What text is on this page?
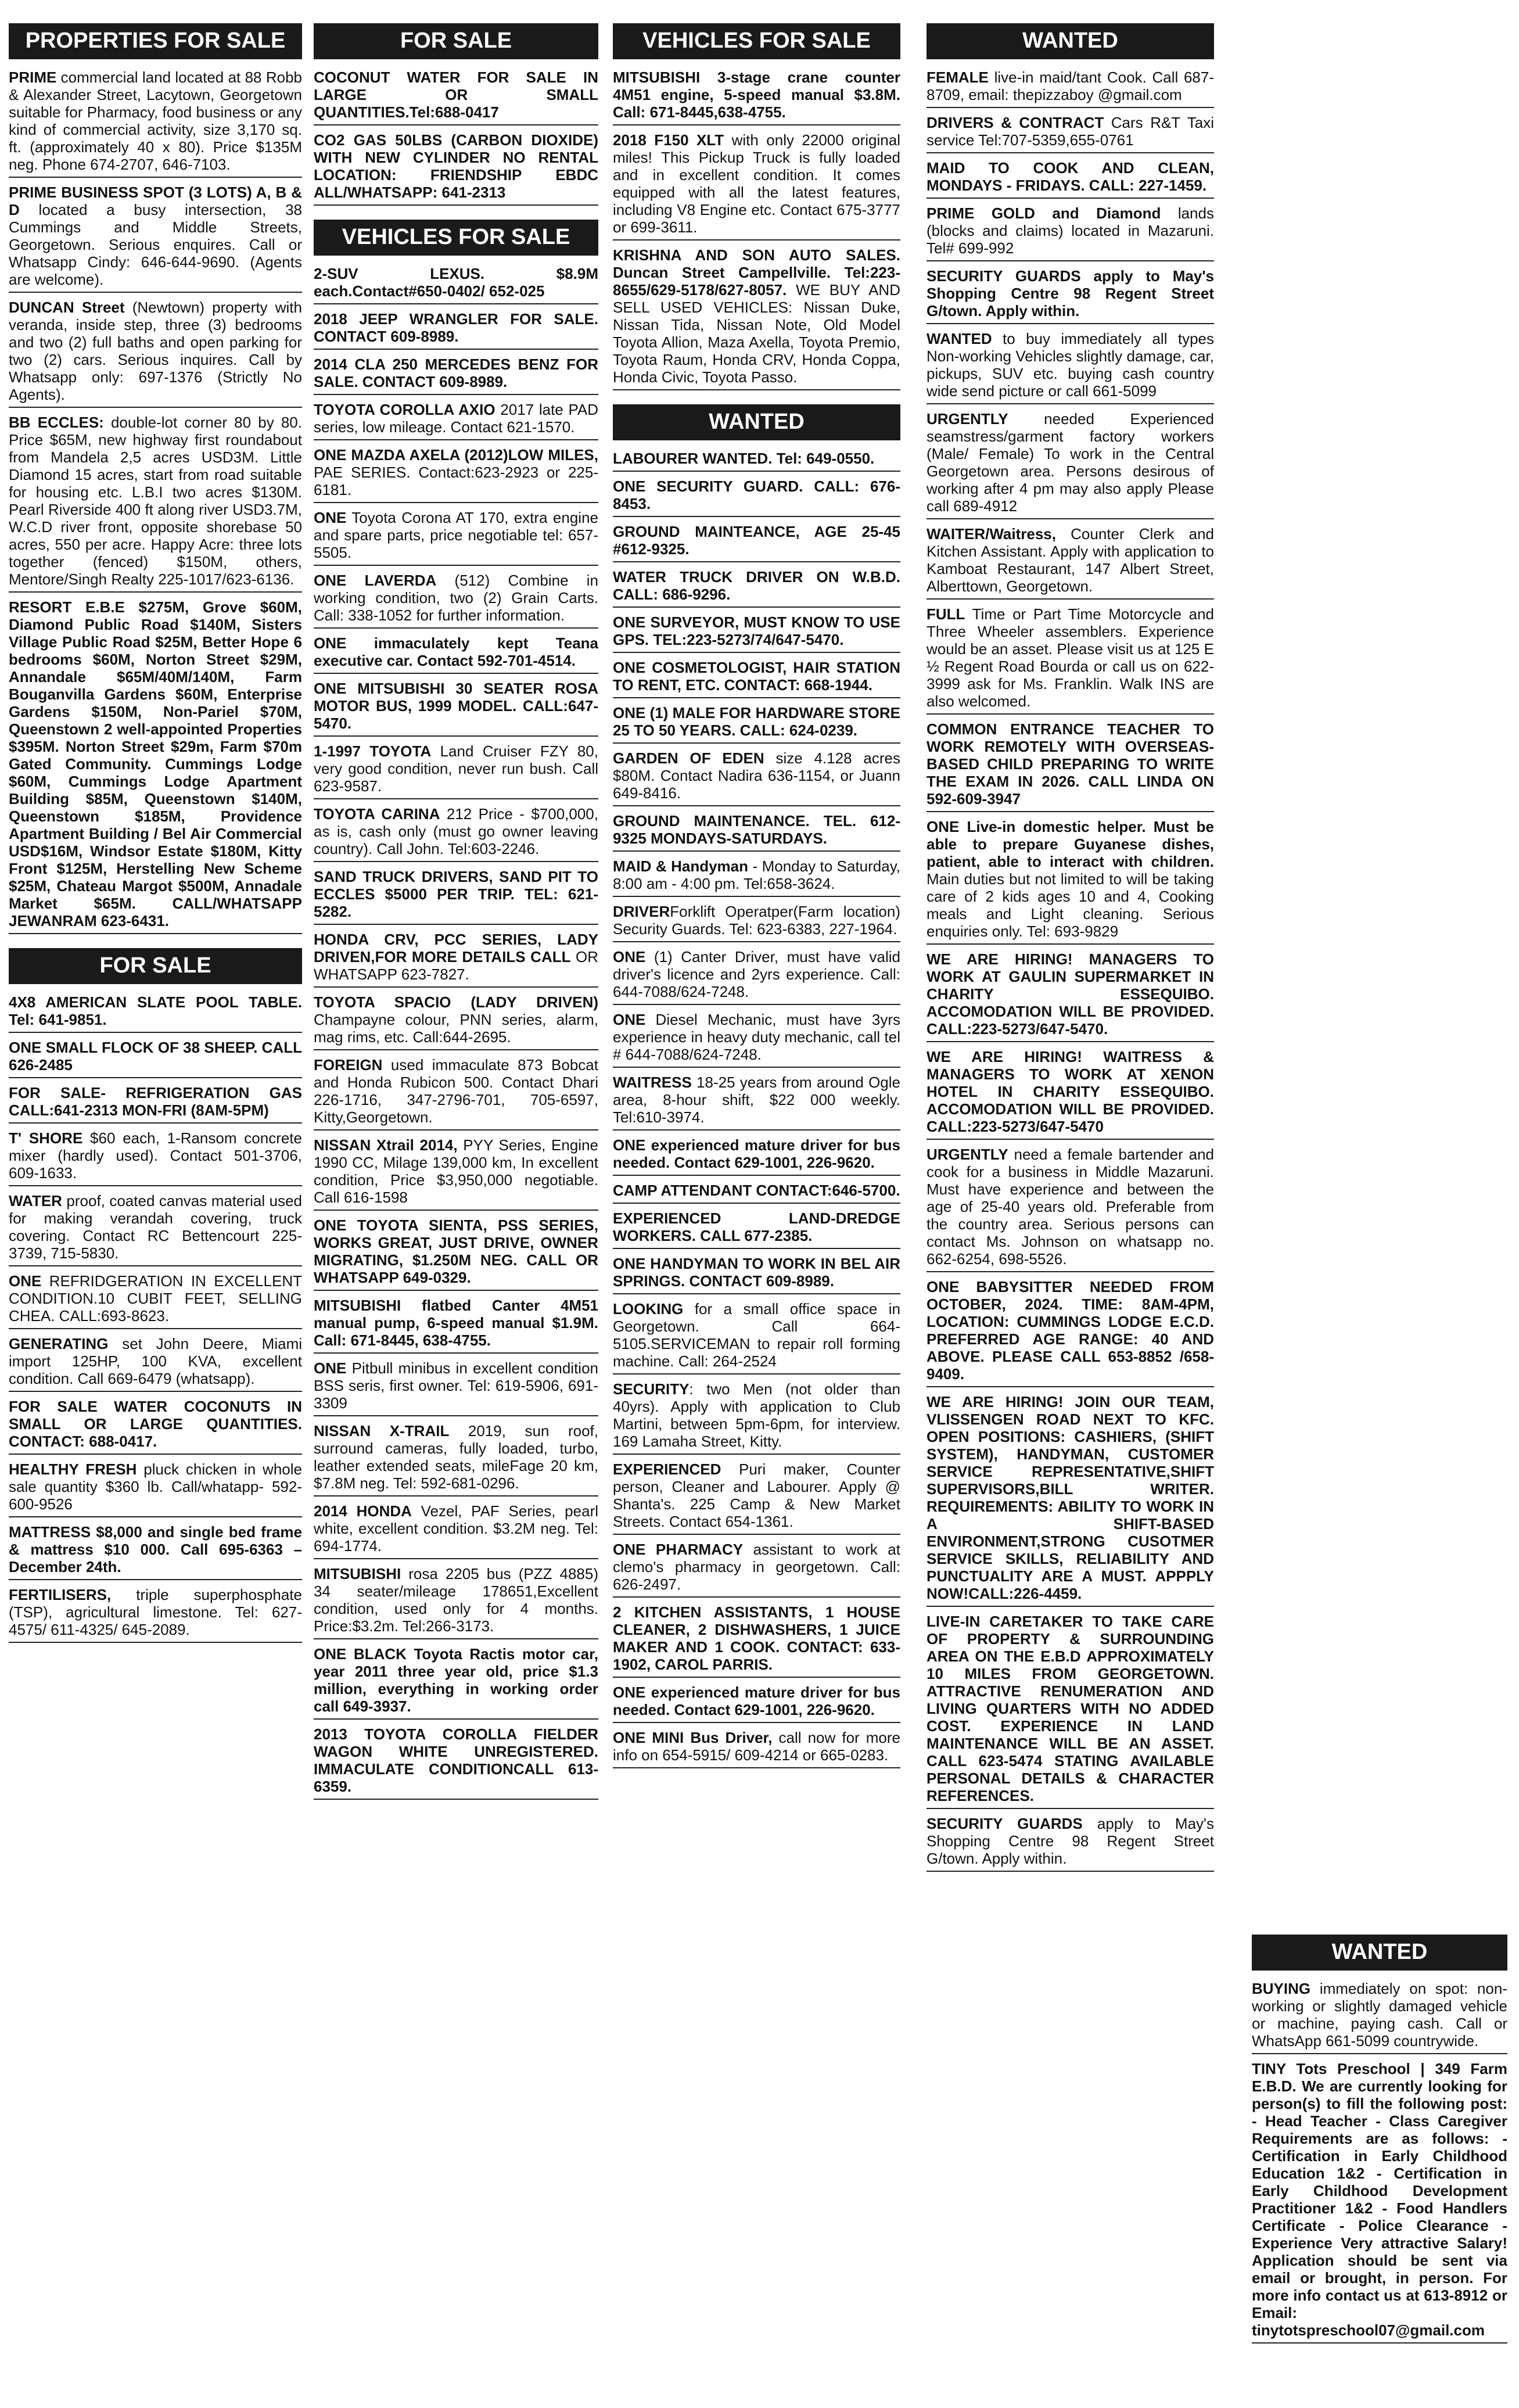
PROPERTIES FOR SALE
PRIME commercial land located at 88 Robb & Alexander Street, Lacytown, Georgetown suitable for Pharmacy, food business or any kind of commercial activity, size 3,170 sq. ft. (approximately 40 x 80). Price $135M neg. Phone 674-2707, 646-7103.
PRIME BUSINESS SPOT (3 LOTS) A, B & D located a busy intersection, 38 Cummings and Middle Streets, Georgetown. Serious enquires. Call or Whatsapp Cindy: 646-644-9690. (Agents are welcome).
DUNCAN Street (Newtown) property with veranda, inside step, three (3) bedrooms and two (2) full baths and open parking for two (2) cars. Serious inquires. Call by Whatsapp only: 697-1376 (Strictly No Agents).
BB ECCLES: double-lot corner 80 by 80. Price $65M, new highway first roundabout from Mandela 2,5 acres USD3M. Little Diamond 15 acres, start from road suitable for housing etc. L.B.I two acres $130M. Pearl Riverside 400 ft along river USD3.7M, W.C.D river front, opposite shorebase 50 acres, 550 per acre. Happy Acre: three lots together (fenced) $150M, others, Mentore/Singh Realty 225-1017/623-6136.
RESORT E.B.E $275M, Grove $60M, Diamond Public Road $140M, Sisters Village Public Road $25M, Better Hope 6 bedrooms $60M, Norton Street $29M, Annandale $65M/40M/140M, Farm Bouganvilla Gardens $60M, Enterprise Gardens $150M, Non-Pariel $70M, Queenstown 2 well-appointed Properties $395M. Norton Street $29m, Farm $70m Gated Community. Cummings Lodge $60M, Cummings Lodge Apartment Building $85M, Queenstown $140M, Queenstown $185M, Providence Apartment Building / Bel Air Commercial USD$16M, Windsor Estate $180M, Kitty Front $125M, Herstelling New Scheme $25M, Chateau Margot $500M, Annadale Market $65M. CALL/WHATSAPP JEWANRAM 623-6431.
FOR SALE
4X8 AMERICAN SLATE POOL TABLE. Tel: 641-9851.
ONE SMALL FLOCK OF 38 SHEEP. CALL 626-2485
FOR SALE- REFRIGERATION GAS CALL:641-2313 MON-FRI (8AM-5PM)
T' SHORE $60 each, 1-Ransom concrete mixer (hardly used). Contact 501-3706, 609-1633.
WATER proof, coated canvas material used for making verandah covering, truck covering. Contact RC Bettencourt 225-3739, 715-5830.
ONE REFRIDGERATION IN EXCELLENT CONDITION.10 CUBIT FEET, SELLING CHEA. CALL:693-8623.
GENERATING set John Deere, Miami import 125HP, 100 KVA, excellent condition. Call 669-6479 (whatsapp).
FOR SALE WATER COCONUTS IN SMALL OR LARGE QUANTITIES. CONTACT: 688-0417.
HEALTHY FRESH pluck chicken in whole sale quantity $360 lb. Call/whatapp- 592-600-9526
MATTRESS $8,000 and single bed frame & mattress $10 000. Call 695-6363 – December 24th.
FERTILISERS, triple superphosphate (TSP), agricultural limestone. Tel: 627-4575/ 611-4325/ 645-2089.
FOR SALE
COCONUT WATER FOR SALE IN LARGE OR SMALL QUANTITIES.Tel:688-0417
CO2 GAS 50LBS (CARBON DIOXIDE) WITH NEW CYLINDER NO RENTAL LOCATION: FRIENDSHIP EBDC ALL/WHATSAPP: 641-2313
VEHICLES FOR SALE
2-SUV LEXUS. $8.9M each.Contact#650-0402/ 652-025
2018 JEEP WRANGLER FOR SALE. CONTACT 609-8989.
2014 CLA 250 MERCEDES BENZ FOR SALE. CONTACT 609-8989.
TOYOTA COROLLA AXIO 2017 late PAD series, low mileage. Contact 621-1570.
ONE MAZDA AXELA (2012)LOW MILES, PAE SERIES. Contact:623-2923 or 225-6181.
ONE Toyota Corona AT 170, extra engine and spare parts, price negotiable tel: 657-5505.
ONE LAVERDA (512) Combine in working condition, two (2) Grain Carts. Call: 338-1052 for further information.
ONE immaculately kept Teana executive car. Contact 592-701-4514.
ONE MITSUBISHI 30 SEATER ROSA MOTOR BUS, 1999 MODEL. CALL:647-5470.
1-1997 TOYOTA Land Cruiser FZY 80, very good condition, never run bush. Call 623-9587.
TOYOTA CARINA 212 Price - $700,000, as is, cash only (must go owner leaving country). Call John. Tel:603-2246.
SAND TRUCK DRIVERS, SAND PIT TO ECCLES $5000 PER TRIP. TEL: 621-5282.
HONDA CRV, PCC SERIES, LADY DRIVEN,FOR MORE DETAILS CALL OR WHATSAPP 623-7827.
TOYOTA SPACIO (LADY DRIVEN) Champayne colour, PNN series, alarm, mag rims, etc. Call:644-2695.
FOREIGN used immaculate 873 Bobcat and Honda Rubicon 500. Contact Dhari 226-1716, 347-2796-701, 705-6597, Kitty,Georgetown.
NISSAN Xtrail 2014, PYY Series, Engine 1990 CC, Milage 139,000 km, In excellent condition, Price $3,950,000 negotiable. Call 616-1598
ONE TOYOTA SIENTA, PSS SERIES, WORKS GREAT, JUST DRIVE, OWNER MIGRATING, $1.250M NEG. CALL OR WHATSAPP 649-0329.
MITSUBISHI flatbed Canter 4M51 manual pump, 6-speed manual $1.9M. Call: 671-8445, 638-4755.
ONE Pitbull minibus in excellent condition BSS seris, first owner. Tel: 619-5906, 691-3309
NISSAN X-TRAIL 2019, sun roof, surround cameras, fully loaded, turbo, leather extended seats, mileFage 20 km, $7.8M neg. Tel: 592-681-0296.
2014 HONDA Vezel, PAF Series, pearl white, excellent condition. $3.2M neg. Tel: 694-1774.
MITSUBISHI rosa 2205 bus (PZZ 4885) 34 seater/mileage 178651,Excellent condition, used only for 4 months. Price:$3.2m. Tel:266-3173.
ONE BLACK Toyota Ractis motor car, year 2011 three year old, price $1.3 million, everything in working order call 649-3937.
2013 TOYOTA COROLLA FIELDER WAGON WHITE UNREGISTERED. IMMACULATE CONDITIONCALL 613-6359.
VEHICLES FOR SALE
MITSUBISHI 3-stage crane counter 4M51 engine, 5-speed manual $3.8M. Call: 671-8445,638-4755.
2018 F150 XLT with only 22000 original miles! This Pickup Truck is fully loaded and in excellent condition. It comes equipped with all the latest features, including V8 Engine etc. Contact 675-3777 or 699-3611.
KRISHNA AND SON AUTO SALES. Duncan Street Campellville. Tel:223-8655/629-5178/627-8057. WE BUY AND SELL USED VEHICLES: Nissan Duke, Nissan Tida, Nissan Note, Old Model Toyota Allion, Maza Axella, Toyota Premio, Toyota Raum, Honda CRV, Honda Coppa, Honda Civic, Toyota Passo.
WANTED
LABOURER WANTED. Tel: 649-0550.
ONE SECURITY GUARD. CALL: 676-8453.
GROUND MAINTEANCE, AGE 25-45 #612-9325.
WATER TRUCK DRIVER ON W.B.D. CALL: 686-9296.
ONE SURVEYOR, MUST KNOW TO USE GPS. TEL:223-5273/74/647-5470.
ONE COSMETOLOGIST, HAIR STATION TO RENT, ETC. CONTACT: 668-1944.
ONE (1) MALE FOR HARDWARE STORE 25 TO 50 YEARS. CALL: 624-0239.
GARDEN OF EDEN size 4.128 acres $80M. Contact Nadira 636-1154, or Juann 649-8416.
GROUND MAINTENANCE. TEL. 612-9325 MONDAYS-SATURDAYS.
MAID & Handyman - Monday to Saturday, 8:00 am - 4:00 pm. Tel:658-3624.
DRIVERForklift Operatper(Farm location) Security Guards. Tel: 623-6383, 227-1964.
ONE (1) Canter Driver, must have valid driver's licence and 2yrs experience. Call: 644-7088/624-7248.
ONE Diesel Mechanic, must have 3yrs experience in heavy duty mechanic, call tel # 644-7088/624-7248.
WAITRESS 18-25 years from around Ogle area, 8-hour shift, $22 000 weekly. Tel:610-3974.
ONE experienced mature driver for bus needed. Contact 629-1001, 226-9620.
CAMP ATTENDANT CONTACT:646-5700.
EXPERIENCED LAND-DREDGE WORKERS. CALL 677-2385.
ONE HANDYMAN TO WORK IN BEL AIR SPRINGS. CONTACT 609-8989.
LOOKING for a small office space in Georgetown. Call 664-5105.SERVICEMAN to repair roll forming machine. Call: 264-2524
SECURITY: two Men (not older than 40yrs). Apply with application to Club Martini, between 5pm-6pm, for interview. 169 Lamaha Street, Kitty.
EXPERIENCED Puri maker, Counter person, Cleaner and Labourer. Apply @ Shanta's. 225 Camp & New Market Streets. Contact 654-1361.
ONE PHARMACY assistant to work at clemo's pharmacy in georgetown. Call: 626-2497.
2 KITCHEN ASSISTANTS, 1 HOUSE CLEANER, 2 DISHWASHERS, 1 JUICE MAKER AND 1 COOK. CONTACT: 633-1902, CAROL PARRIS.
ONE experienced mature driver for bus needed. Contact 629-1001, 226-9620.
ONE MINI Bus Driver, call now for more info on 654-5915/ 609-4214 or 665-0283.
WANTED
FEMALE live-in maid/tant Cook. Call 687-8709, email: thepizzaboy @gmail.com
DRIVERS & CONTRACT Cars R&T Taxi service Tel:707-5359,655-0761
MAID TO COOK AND CLEAN, MONDAYS - FRIDAYS. CALL: 227-1459.
PRIME GOLD and Diamond lands (blocks and claims) located in Mazaruni. Tel# 699-992
SECURITY GUARDS apply to May's Shopping Centre 98 Regent Street G/town. Apply within.
WANTED to buy immediately all types Non-working Vehicles slightly damage, car, pickups, SUV etc. buying cash country wide send picture or call 661-5099
URGENTLY needed Experienced seamstress/garment factory workers (Male/ Female) To work in the Central Georgetown area. Persons desirous of working after 4 pm may also apply Please call 689-4912
WAITER/Waitress, Counter Clerk and Kitchen Assistant. Apply with application to Kamboat Restaurant, 147 Albert Street, Alberttown, Georgetown.
FULL Time or Part Time Motorcycle and Three Wheeler assemblers. Experience would be an asset. Please visit us at 125 E ½ Regent Road Bourda or call us on 622-3999 ask for Ms. Franklin. Walk INS are also welcomed.
COMMON ENTRANCE TEACHER TO WORK REMOTELY WITH OVERSEAS-BASED CHILD PREPARING TO WRITE THE EXAM IN 2026. CALL LINDA ON 592-609-3947
ONE Live-in domestic helper. Must be able to prepare Guyanese dishes, patient, able to interact with children. Main duties but not limited to will be taking care of 2 kids ages 10 and 4, Cooking meals and Light cleaning. Serious enquiries only. Tel: 693-9829
WE ARE HIRING! MANAGERS TO WORK AT GAULIN SUPERMARKET IN CHARITY ESSEQUIBO. ACCOMODATION WILL BE PROVIDED. CALL:223-5273/647-5470.
WE ARE HIRING! WAITRESS & MANAGERS TO WORK AT XENON HOTEL IN CHARITY ESSEQUIBO. ACCOMODATION WILL BE PROVIDED. CALL:223-5273/647-5470
URGENTLY need a female bartender and cook for a business in Middle Mazaruni. Must have experience and between the age of 25-40 years old. Preferable from the country area. Serious persons can contact Ms. Johnson on whatsapp no. 662-6254, 698-5526.
ONE BABYSITTER NEEDED FROM OCTOBER, 2024. TIME: 8AM-4PM, LOCATION: CUMMINGS LODGE E.C.D. PREFERRED AGE RANGE: 40 AND ABOVE. PLEASE CALL 653-8852 /658-9409.
WE ARE HIRING! JOIN OUR TEAM, VLISSENGEN ROAD NEXT TO KFC. OPEN POSITIONS: CASHIERS, (SHIFT SYSTEM), HANDYMAN, CUSTOMER SERVICE REPRESENTATIVE,SHIFT SUPERVISORS,BILL WRITER. REQUIREMENTS: ABILITY TO WORK IN A SHIFT-BASED ENVIRONMENT,STRONG CUSOTMER SERVICE SKILLS, RELIABILITY AND PUNCTUALITY ARE A MUST. APPPLY NOW!CALL:226-4459.
LIVE-IN CARETAKER TO TAKE CARE OF PROPERTY & SURROUNDING AREA ON THE E.B.D APPROXIMATELY 10 MILES FROM GEORGETOWN. ATTRACTIVE RENUMERATION AND LIVING QUARTERS WITH NO ADDED COST. EXPERIENCE IN LAND MAINTENANCE WILL BE AN ASSET. CALL 623-5474 STATING AVAILABLE PERSONAL DETAILS & CHARACTER REFERENCES.
SECURITY GUARDS apply to May's Shopping Centre 98 Regent Street G/town. Apply within.
WANTED
BUYING immediately on spot: non-working or slightly damaged vehicle or machine, paying cash. Call or WhatsApp 661-5099 countrywide.
TINY Tots Preschool | 349 Farm E.B.D. We are currently looking for person(s) to fill the following post: - Head Teacher - Class Caregiver Requirements are as follows: - Certification in Early Childhood Education 1&2 - Certification in Early Childhood Development Practitioner 1&2 - Food Handlers Certificate - Police Clearance - Experience Very attractive Salary! Application should be sent via email or brought, in person. For more info contact us at 613-8912 or Email: tinytotspreschool07@gmail.com
